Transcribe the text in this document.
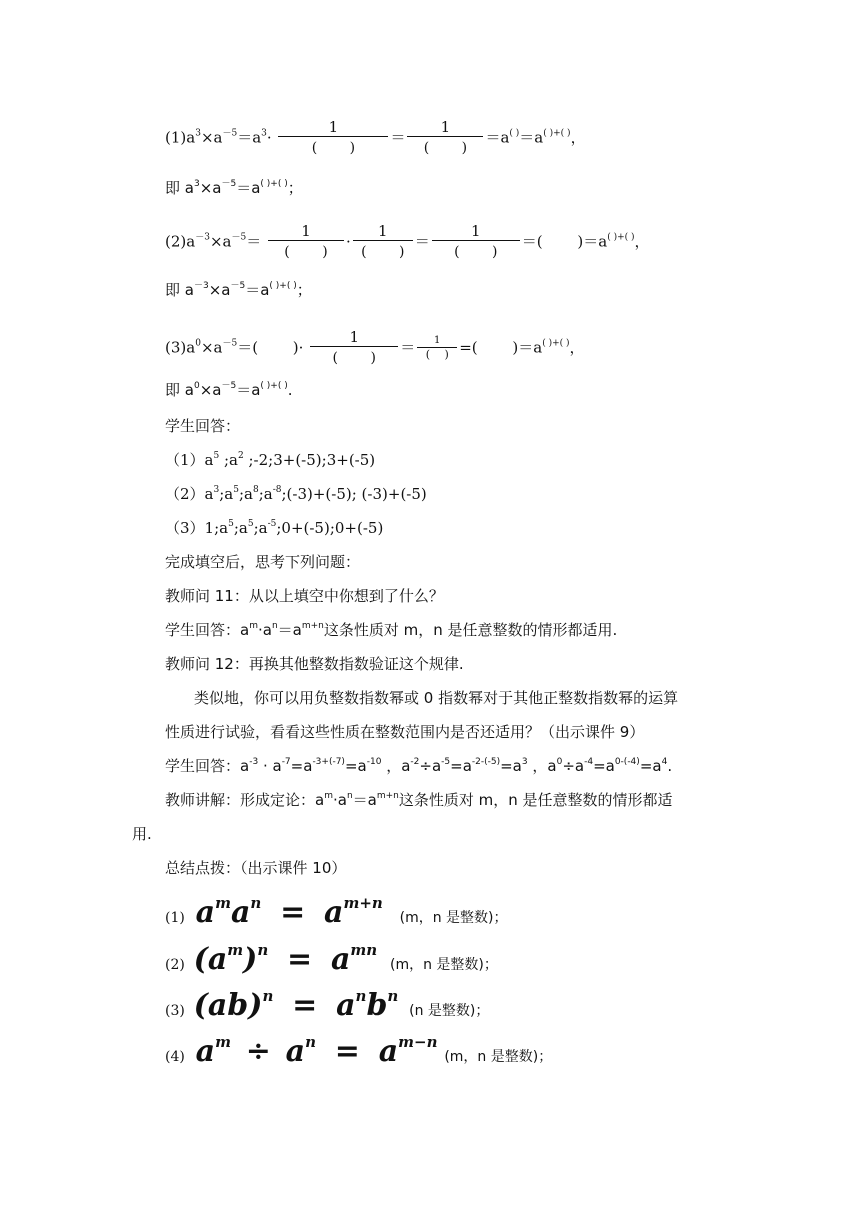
$(1)a^3\times a^{-5}=a^3\cdot \frac{1}{( )} = \frac{1}{( )} =a^{( )}=a^{( )+( )}$，
即 $a^3\times a^{-5}=a^{( )+( )}$；
$(2)a^{-3}\times a^{-5}= \frac{1}{( )} \cdot \frac{1}{( )} = \frac{1}{( )}$ ＝(　　 )＝a( )+( )，
即 $a^{-3}\times a^{-5}=a^{( )+( )}$；
$(3)a^0\times a^{-5}=$(　　 )· $\frac{1}{( )} = \frac{1}{( )}$ =(　　 )＝a( )+( )，
即 $a^0\times a^{-5}=a^{( )+( )}$.
学生回答：
$(1)a^5$ $;a^2$ ;-2;3+(-5);3+(-5)
$(2)a^3;a^5;a^8;a^{-8};(-3)+(-5)$; (-3)+(-5)
$(3)1;a^5;a^5;a^{-5};0+(-5);0+(-5)$
完成填空后，思考下列问题：
教师问 11：从以上填空中你想到了什么？
学生回答：$a^m\cdot a^n=a^{m+n}$这条性质对 m，n 是任意整数的情形都适用.
教师问 12：再换其他整数指数验证这个规律.
类似地，你可以用负整数指数幂或 0 指数幂对于其他正整数指数幂的运算
性质进行试验，看看这些性质在整数范围内是否还适用？（出示课件 9）
学生回答：$a^{-3} \cdot a^{-7}=a^{-3+(-7)}=a^{-10}$ ，$a^{-2}\div a^{-5}=a^{-2-(-5)}=a^3$ ，$a^0\div a^{-4}=a^{0-(-4)}=a^4$.
教师讲解：形成定论：$a^m\cdot a^n=a^{m+n}$这条性质对 m，n 是任意整数的情形都适
用.
总结点拨：（出示课件 10）
(1) $a^ma^n = a^{m+n}$ (m，n 是整数)；
(2) $(a^m)^n = a^{mn}$ (m，n 是整数)；
(3) $(ab)^n = a^nb^n$ (n 是整数)；
(4) $a^m \div a^n = a^{m-n}$ (m，n 是整数)；
